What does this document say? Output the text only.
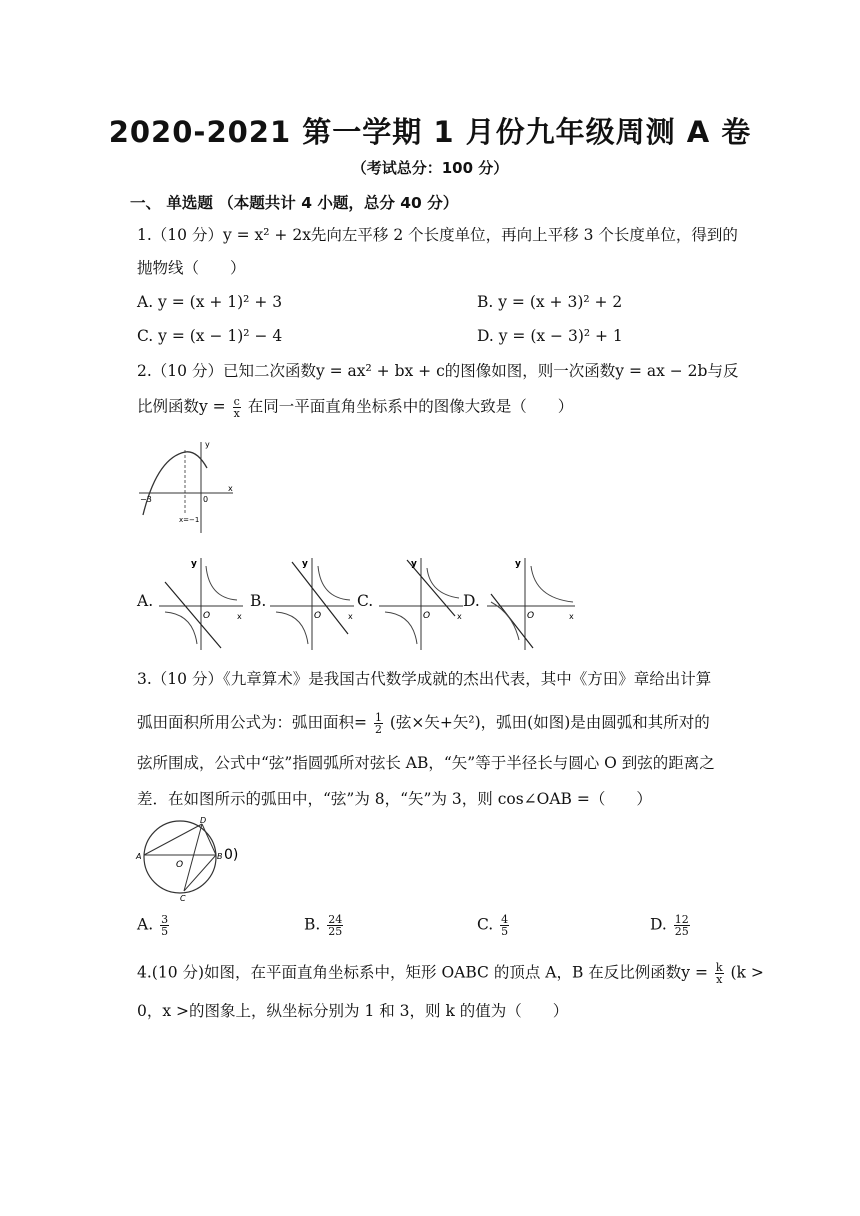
2020-2021 第一学期 1 月份九年级周测 A 卷
（考试总分：100 分）
一、 单选题 （本题共计 4 小题，总分 40 分）
1.（10 分）y = x² + 2x先向左平移 2 个长度单位，再向上平移 3 个长度单位，得到的
抛物线（　　）
A. y = (x + 1)² + 3	B. y = (x + 3)² + 2
C. y = (x − 1)² − 4	D. y = (x − 3)² + 1
2.（10 分）已知二次函数y = ax² + bx + c的图像如图，则一次函数y = ax − 2b与反
比例函数$y = \frac{c}{x}$ 在同一平面直角坐标系中的图像大致是（　　）
y
x
0
−3
x=−1
A.
y
x
O
B.
y
x
O
C.
y
x
O
D.
y
x
O
3.（10 分）《九章算术》是我国古代数学成就的杰出代表，其中《方田》章给出计算
弧田面积所用公式为：弧田面积= $\frac{1}{2}$ (弦×矢+矢²)，弧田(如图)是由圆弧和其所对的
弦所围成，公式中“弦”指圆弧所对弦长 AB，“矢”等于半径长与圆心 O 到弦的距离之
差．在如图所示的弧田中，“弦”为 8，“矢”为 3，则 cos∠OAB =（　　）
A	B
C
D
O
0)
A. $\frac{3}{5}$	B. $\frac{24}{25}$	C. $\frac{4}{5}$	D. $\frac{12}{25}$
4.(10 分)如图，在平面直角坐标系中，矩形 OABC 的顶点 A，B 在反比例函数$y = \frac{k}{x} (k$ >
0，x >的图象上，纵坐标分别为 1 和 3，则 k 的值为（　　）
